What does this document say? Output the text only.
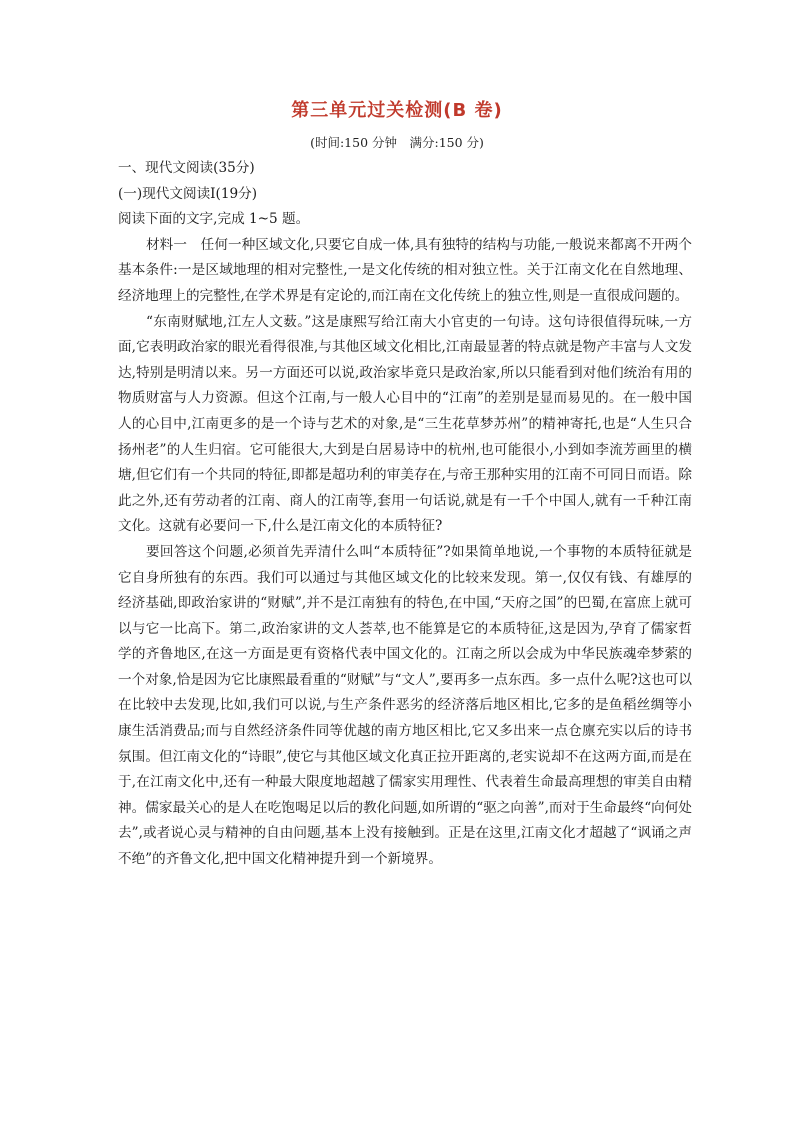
第三单元过关检测(B 卷)
(时间:150 分钟　满分:150 分)

一、现代文阅读(35分)

(一)现代文阅读Ⅰ(19分)

阅读下面的文字,完成 1~5 题。

材料一　任何一种区域文化,只要它自成一体,具有独特的结构与功能,一般说来都离不开两个基本条件:一是区域地理的相对完整性,一是文化传统的相对独立性。关于江南文化在自然地理、经济地理上的完整性,在学术界是有定论的,而江南在文化传统上的独立性,则是一直很成问题的。

“东南财赋地,江左人文薮。”这是康熙写给江南大小官吏的一句诗。这句诗很值得玩味,一方面,它表明政治家的眼光看得很准,与其他区域文化相比,江南最显著的特点就是物产丰富与人文发达,特别是明清以来。另一方面还可以说,政治家毕竟只是政治家,所以只能看到对他们统治有用的物质财富与人力资源。但这个江南,与一般人心目中的“江南”的差别是显而易见的。在一般中国人的心目中,江南更多的是一个诗与艺术的对象,是“三生花草梦苏州”的精神寄托,也是“人生只合扬州老”的人生归宿。它可能很大,大到是白居易诗中的杭州,也可能很小,小到如李流芳画里的横塘,但它们有一个共同的特征,即都是超功利的审美存在,与帝王那种实用的江南不可同日而语。除此之外,还有劳动者的江南、商人的江南等,套用一句话说,就是有一千个中国人,就有一千种江南文化。这就有必要问一下,什么是江南文化的本质特征?

要回答这个问题,必须首先弄清什么叫“本质特征”?如果简单地说,一个事物的本质特征就是它自身所独有的东西。我们可以通过与其他区域文化的比较来发现。第一,仅仅有钱、有雄厚的经济基础,即政治家讲的“财赋”,并不是江南独有的特色,在中国,“天府之国”的巴蜀,在富庶上就可以与它一比高下。第二,政治家讲的文人荟萃,也不能算是它的本质特征,这是因为,孕育了儒家哲学的齐鲁地区,在这一方面是更有资格代表中国文化的。江南之所以会成为中华民族魂牵梦萦的一个对象,恰是因为它比康熙最看重的“财赋”与“文人”,要再多一点东西。多一点什么呢?这也可以在比较中去发现,比如,我们可以说,与生产条件恶劣的经济落后地区相比,它多的是鱼稻丝绸等小康生活消费品;而与自然经济条件同等优越的南方地区相比,它又多出来一点仓廪充实以后的诗书氛围。但江南文化的“诗眼”,使它与其他区域文化真正拉开距离的,老实说却不在这两方面,而是在于,在江南文化中,还有一种最大限度地超越了儒家实用理性、代表着生命最高理想的审美自由精神。儒家最关心的是人在吃饱喝足以后的教化问题,如所谓的“驱之向善”,而对于生命最终“向何处去”,或者说心灵与精神的自由问题,基本上没有接触到。正是在这里,江南文化才超越了“讽诵之声不绝”的齐鲁文化,把中国文化精神提升到一个新境界。
